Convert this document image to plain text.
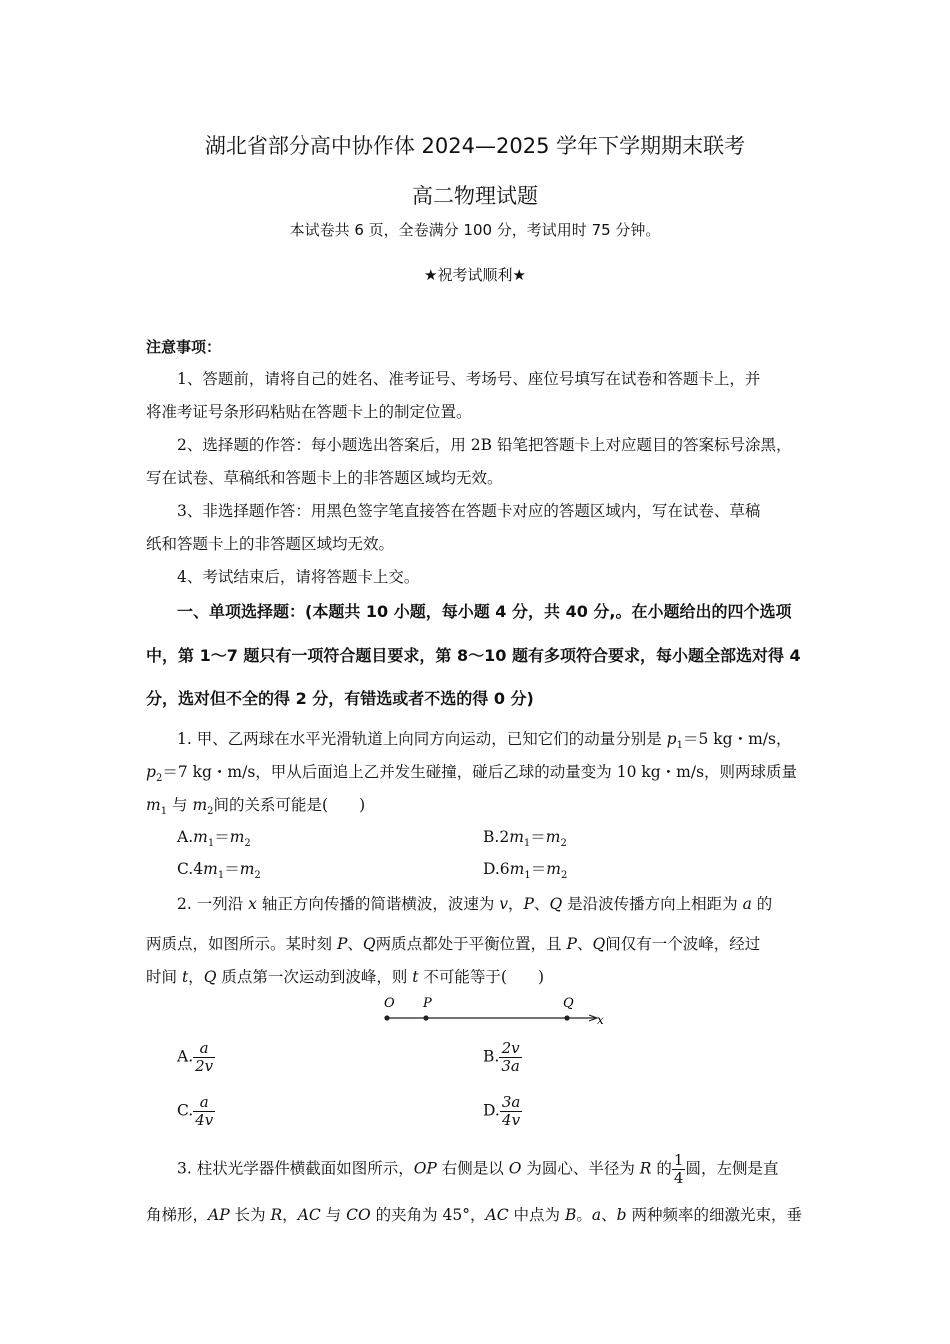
湖北省部分高中协作体 2024—2025 学年下学期期末联考
高二物理试题
本试卷共 6 页，全卷满分 100 分，考试用时 75 分钟。
★祝考试顺利★
注意事项：
1、答题前，请将自己的姓名、准考证号、考场号、座位号填写在试卷和答题卡上，并
将准考证号条形码粘贴在答题卡上的制定位置。
2、选择题的作答：每小题选出答案后，用 2B 铅笔把答题卡上对应题目的答案标号涂黑，
写在试卷、草稿纸和答题卡上的非答题区域均无效。
3、非选择题作答：用黑色签字笔直接答在答题卡对应的答题区域内，写在试卷、草稿
纸和答题卡上的非答题区域均无效。
4、考试结束后，请将答题卡上交。
一、单项选择题：(本题共 10 小题，每小题 4 分，共 40 分,。在小题给出的四个选项
中，第 1～7 题只有一项符合题目要求，第 8～10 题有多项符合要求，每小题全部选对得 4
分，选对但不全的得 2 分，有错选或者不选的得 0 分)
1. 甲、乙两球在水平光滑轨道上向同方向运动，已知它们的动量分别是 $p_1=5$ kg・m/s，
$p_2=7$ kg・m/s，甲从后面追上乙并发生碰撞，碰后乙球的动量变为 10 kg・m/s，则两球质量
$m_1$ 与 $m_2$间的关系可能是(　　)
$A.m_1=m_2$	$B.2m_1=m_2$
$C.4m_1=m_2$	$D.6m_1=m_2$
2. 一列沿 x 轴正方向传播的简谐横波，波速为 v，P、Q 是沿波传播方向上相距为 a 的
两质点，如图所示。某时刻 P、Q两质点都处于平衡位置，且 P、Q间仅有一个波峰，经过
时间 t，Q 质点第一次运动到波峰，则 t 不可能等于(　　)
O P	Q
x
A. $\frac{a}{2v}$	B. $\frac{2v}{3a}$
C. $\frac{a}{4v}$	D. $\frac{3a}{4v}$
3. 柱状光学器件横截面如图所示，OP 右侧是以 O 为圆心、半径为 R 的 $\frac{1}{4}$ 圆，左侧是直
角梯形，AP 长为 R，AC 与 CO 的夹角为 45°，AC 中点为 B。a、b 两种频率的细激光束，垂
